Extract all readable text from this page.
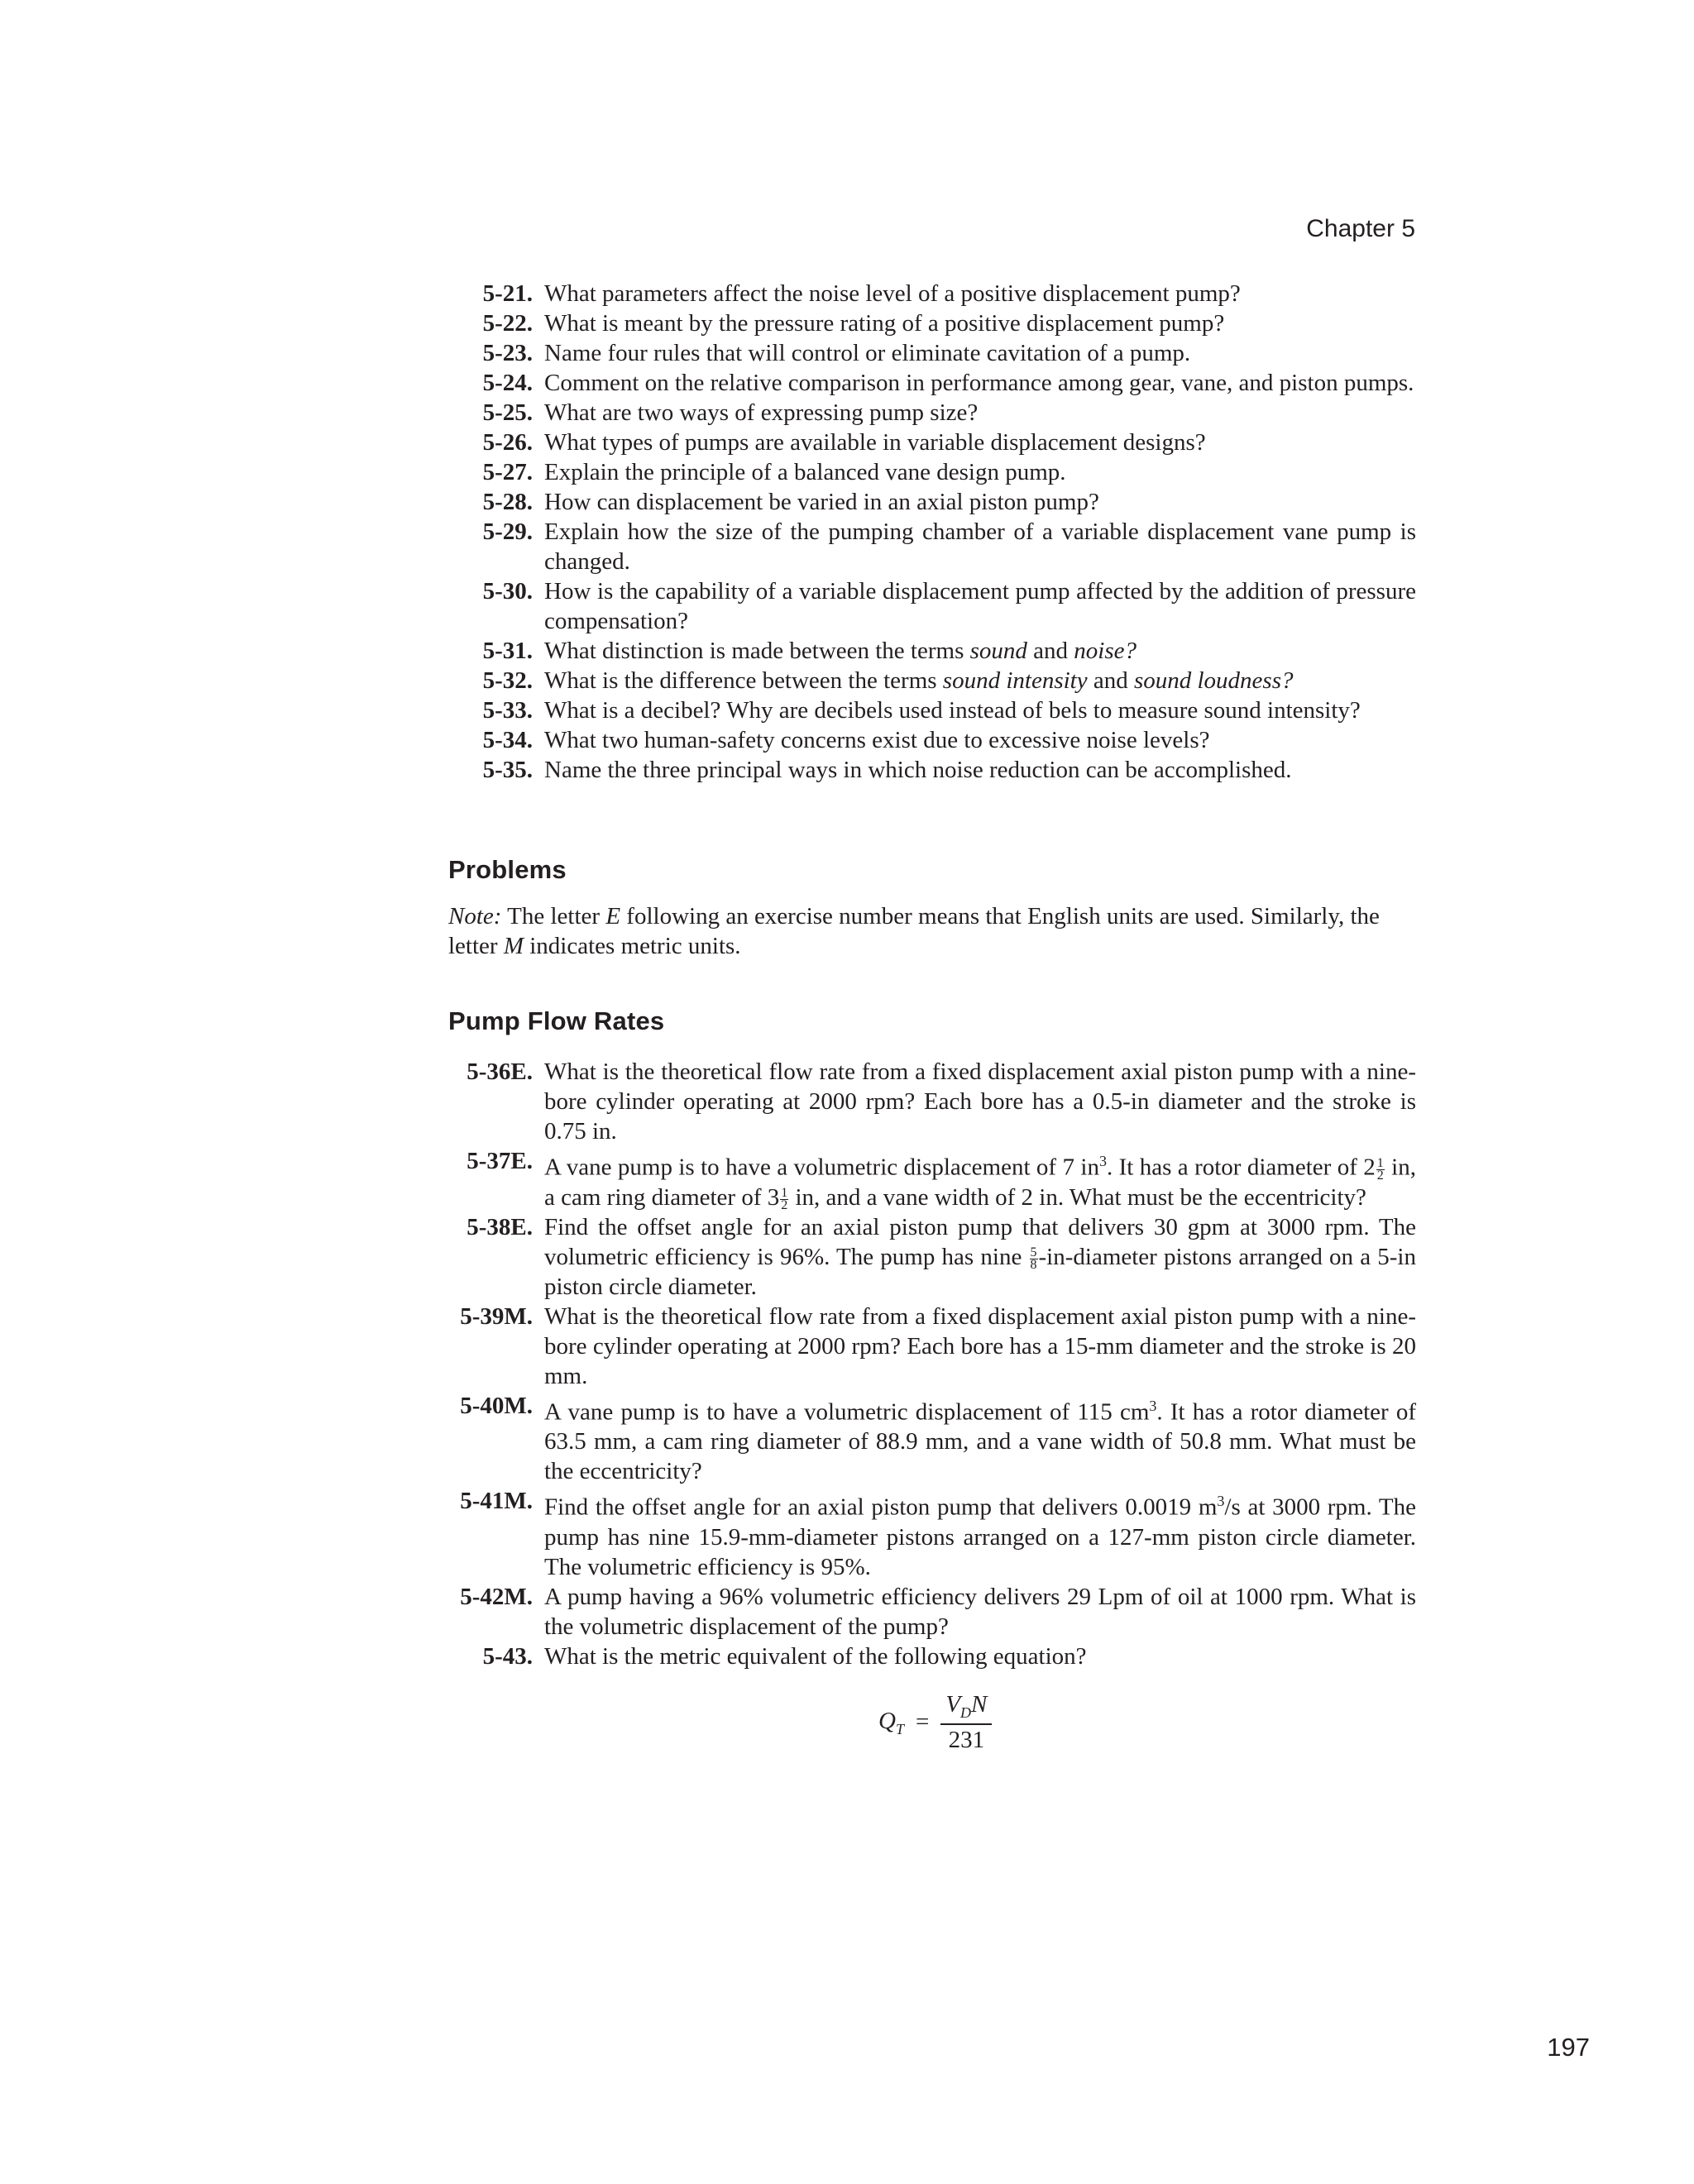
Chapter 5
5-21. What parameters affect the noise level of a positive displacement pump?
5-22. What is meant by the pressure rating of a positive displacement pump?
5-23. Name four rules that will control or eliminate cavitation of a pump.
5-24. Comment on the relative comparison in performance among gear, vane, and piston pumps.
5-25. What are two ways of expressing pump size?
5-26. What types of pumps are available in variable displacement designs?
5-27. Explain the principle of a balanced vane design pump.
5-28. How can displacement be varied in an axial piston pump?
5-29. Explain how the size of the pumping chamber of a variable displacement vane pump is changed.
5-30. How is the capability of a variable displacement pump affected by the addition of pressure compensation?
5-31. What distinction is made between the terms sound and noise?
5-32. What is the difference between the terms sound intensity and sound loudness?
5-33. What is a decibel? Why are decibels used instead of bels to measure sound intensity?
5-34. What two human-safety concerns exist due to excessive noise levels?
5-35. Name the three principal ways in which noise reduction can be accomplished.
Problems
Note: The letter E following an exercise number means that English units are used. Similarly, the letter M indicates metric units.
Pump Flow Rates
5-36E. What is the theoretical flow rate from a fixed displacement axial piston pump with a nine-bore cylinder operating at 2000 rpm? Each bore has a 0.5-in diameter and the stroke is 0.75 in.
5-37E. A vane pump is to have a volumetric displacement of 7 $in^3$. It has a rotor diameter of $2 \frac{1}{2}$ in, a cam ring diameter of $3 \frac{1}{2}$ in, and a vane width of 2 in. What must be the eccentricity?
5-38E. Find the offset angle for an axial piston pump that delivers 30 gpm at 3000 rpm. The volumetric efficiency is 96%. The pump has nine $\frac{5}{8}$ -in-diameter pistons arranged on a 5-in piston circle diameter.
5-39M. What is the theoretical flow rate from a fixed displacement axial piston pump with a nine-bore cylinder operating at 2000 rpm? Each bore has a 15-mm diameter and the stroke is 20 mm.
5-40M. A vane pump is to have a volumetric displacement of 115 $cm^3$. It has a rotor diameter of 63.5 mm, a cam ring diameter of 88.9 mm, and a vane width of 50.8 mm. What must be the eccentricity?
5-41M. Find the offset angle for an axial piston pump that delivers 0.0019 $m^3/s$ at 3000 rpm. The pump has nine 15.9-mm-diameter pistons arranged on a 127-mm piston circle diameter. The volumetric efficiency is 95%.
5-42M. A pump having a 96% volumetric efficiency delivers 29 Lpm of oil at 1000 rpm. What is the volumetric displacement of the pump?
5-43. What is the metric equivalent of the following equation?
$Q_T = \frac{V_DN}{231}$
197
